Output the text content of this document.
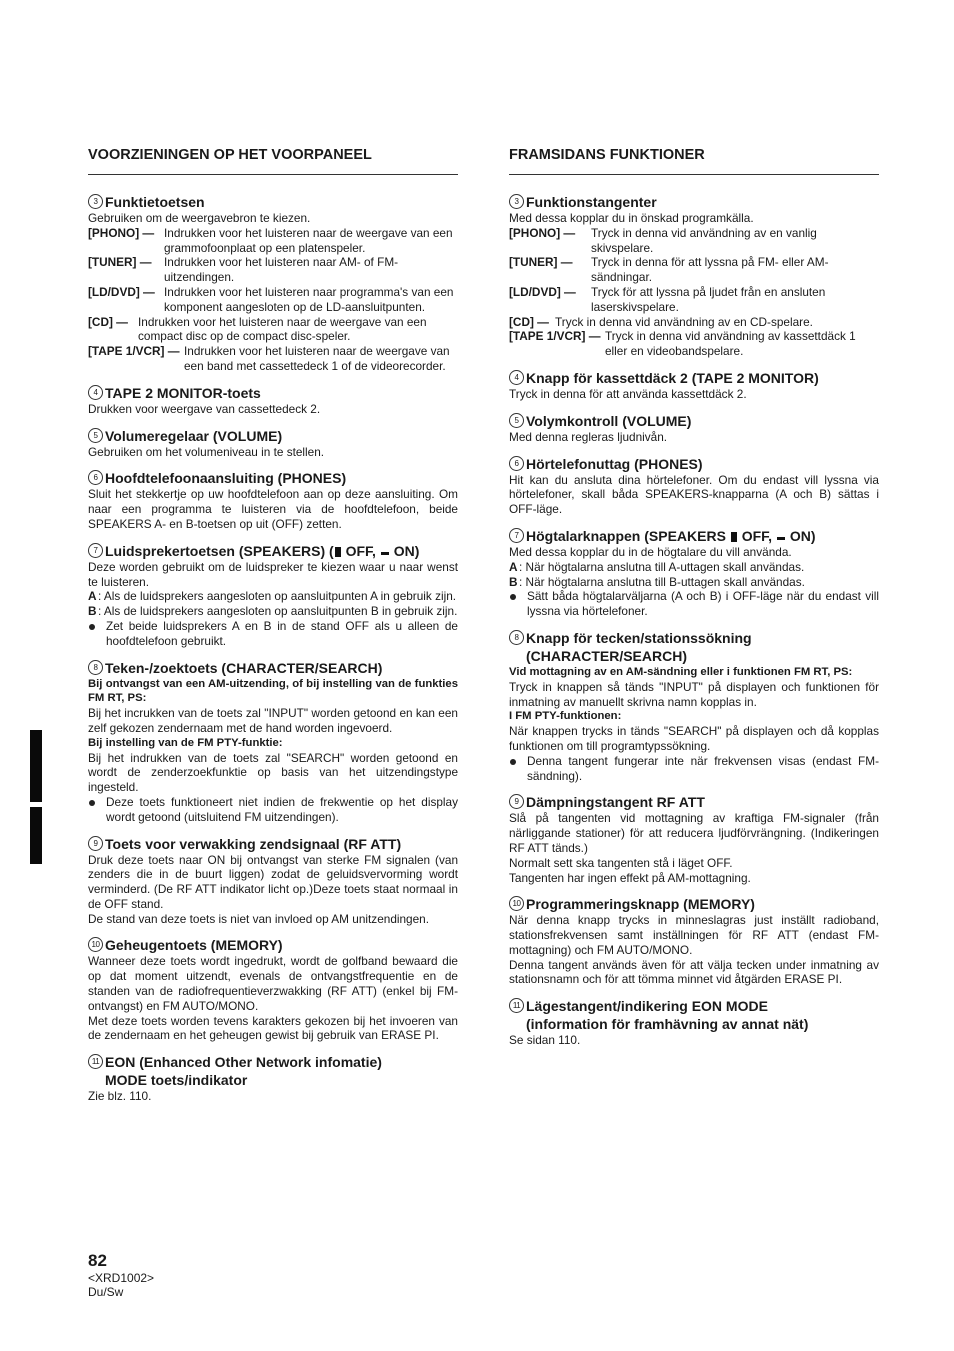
VOORZIENINGEN OP HET VOORPANEEL
3 Funktietoetsen
Gebruiken om de weergavebron te kiezen.
[PHONO] — Indrukken voor het luisteren naar de weergave van een grammofoonplaat op een platenspeler.
[TUNER] —	Indrukken voor het luisteren naar AM- of FM-uitzendingen.
[LD/DVD] — Indrukken voor het luisteren naar programma's van een komponent aangesloten op de LD-aansluitpunten.
[CD] — Indrukken voor het luisteren naar de weergave van een compact disc op de compact disc-speler.
[TAPE 1/VCR] — Indrukken voor het luisteren naar de weergave van een band met cassettedeck 1 of de videorecorder.
4 TAPE 2 MONITOR-toets
Drukken voor weergave van cassettedeck 2.
5 Volumeregelaar (VOLUME)
Gebruiken om het volumeniveau in te stellen.
6 Hoofdtelefoonaansluiting (PHONES)
Sluit het stekkertje op uw hoofdtelefoon aan op deze aansluiting. Om naar een programma te luisteren via de hoofdtelefoon, beide SPEAKERS A- en B-toetsen op uit (OFF) zetten.
7 Luidsprekertoetsen (SPEAKERS) ( OFF,  ON)
Deze worden gebruikt om de luidspreker te kiezen waar u naar wenst te luisteren.
A : Als de luidsprekers aangesloten op aansluitpunten A in gebruik zijn.
B : Als de luidsprekers aangesloten op aansluitpunten B in gebruik zijn.
Zet beide luidsprekers A en B in de stand OFF als u alleen de hoofdtelefoon gebruikt.
8 Teken-/zoektoets (CHARACTER/SEARCH)
Bij ontvangst van een AM-uitzending, of bij instelling van de funkties FM RT, PS:
Bij het incrukken van de toets zal "INPUT" worden getoond en kan een zelf gekozen zendernaam met de hand worden ingevoerd.
Bij instelling van de FM PTY-funktie:
Bij het indrukken van de toets zal "SEARCH" worden getoond en wordt de zenderzoekfunktie op basis van het uitzendingstype ingesteld.
Deze toets funktioneert niet indien de frekwentie op het display wordt getoond (uitsluitend FM uitzendingen).
9 Toets voor verwakking zendsignaal (RF ATT)
Druk deze toets naar ON bij ontvangst van sterke FM signalen (van zenders die in de buurt liggen) zodat de geluidsvervorming wordt verminderd. (De RF ATT indikator licht op.)Deze toets staat normaal in de OFF stand.
De stand van deze toets is niet van invloed op AM unitzendingen.
10 Geheugentoets (MEMORY)
Wanneer deze toets wordt ingedrukt, wordt de golfband bewaard die op dat moment uitzendt, evenals de ontvangstfrequentie en de standen van de radiofrequentieverzwakking (RF ATT) (enkel bij FM-ontvangst) en FM AUTO/MONO.
Met deze toets worden tevens karakters gekozen bij het invoeren van de zendernaam en het geheugen gewist bij gebruik van ERASE PI.
11 EON (Enhanced Other Network infomatie)
MODE toets/indikator
Zie blz. 110.
FRAMSIDANS FUNKTIONER
3 Funktionstangenter
Med dessa kopplar du in önskad programkälla.
[PHONO] —	Tryck in denna vid användning av en vanlig skivspelare.
[TUNER] —	Tryck in denna för att lyssna på FM- eller AM-sändningar.
[LD/DVD] —	Tryck för att lyssna på ljudet från en ansluten laserskivspelare.
[CD] — Tryck in denna vid användning av en CD-spelare.
[TAPE 1/VCR] — Tryck in denna vid användning av kassettdäck 1 eller en videobandspelare.
4 Knapp för kassettdäck 2 (TAPE 2 MONITOR)
Tryck in denna för att använda kassettdäck 2.
5 Volymkontroll (VOLUME)
Med denna regleras ljudnivån.
6 Hörtelefonuttag (PHONES)
Hit kan du ansluta dina hörtelefoner. Om du endast vill lyssna via hörtelefoner, skall båda SPEAKERS-knapparna (A och B) sättas i OFF-läge.
7 Högtalarknappen (SPEAKERS  OFF,  ON)
Med dessa kopplar du in de högtalare du vill använda.
A : När högtalarna anslutna till A-uttagen skall användas.
B : När högtalarna anslutna till B-uttagen skall användas.
Sätt båda högtalarväljarna (A och B) i OFF-läge när du endast vill lyssna via hörtelefoner.
8 Knapp för tecken/stationssökning
(CHARACTER/SEARCH)
Vid mottagning av en AM-sändning eller i funktionen FM RT, PS:
Tryck in knappen så tänds "INPUT" på displayen och funktionen för inmatning av manuellt skrivna namn kopplas in.
I FM PTY-funktionen:
När knappen trycks in tänds "SEARCH" på displayen och då kopplas funktionen om till programtypssökning.
Denna tangent fungerar inte när frekvensen visas (endast FM-sändning).
9 Dämpningstangent RF ATT
Slå på tangenten vid mottagning av kraftiga FM-signaler (från närliggande stationer) för att reducera ljudförvrängning. (Indikeringen RF ATT tänds.)
Normalt sett ska tangenten stå i läget OFF.
Tangenten har ingen effekt på AM-mottagning.
10 Programmeringsknapp (MEMORY)
När denna knapp trycks in minneslagras just inställt radioband, stationsfrekvensen samt inställningen för RF ATT (endast FM-mottagning) och FM AUTO/MONO.
Denna tangent används även för att välja tecken under inmatning av stationsnamn och för att tömma minnet vid åtgärden ERASE PI.
11 Lägestangent/indikering EON MODE
(information för framhävning av annat nät)
Se sidan 110.
82
<XRD1002>
Du/Sw
